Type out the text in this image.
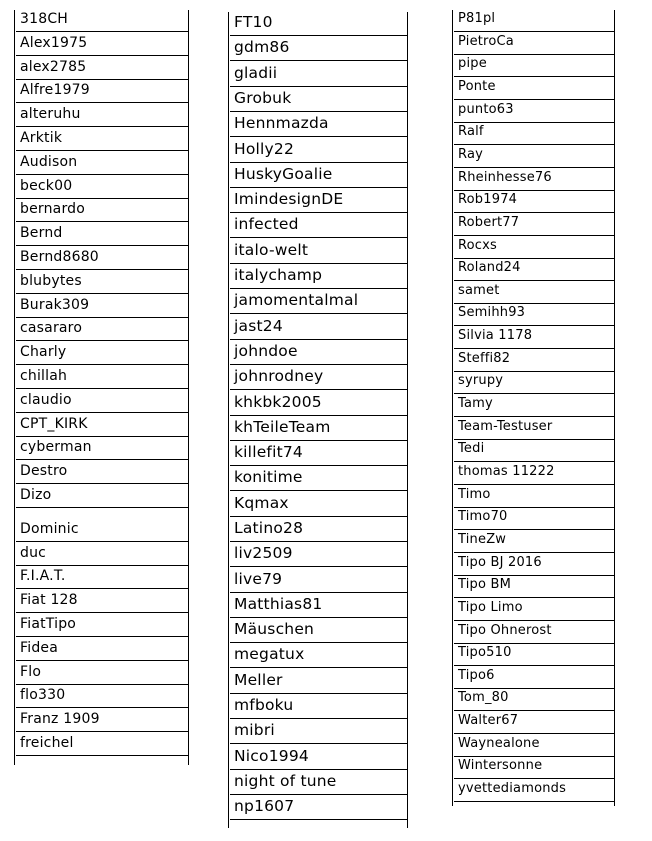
318CH
Alex1975
alex2785
Alfre1979
alteruhu
Arktik
Audison
beck00
bernardo
Bernd
Bernd8680
blubytes
Burak309
casararo
Charly
chillah
claudio
CPT_KIRK
cyberman
Destro
Dizo
Dominic
duc
F.I.A.T.
Fiat 128
FiatTipo
Fidea
Flo
flo330
Franz 1909
freichel
FT10
gdm86
gladii
Grobuk
Hennmazda
Holly22
HuskyGoalie
ImindesignDE
infected
italo-welt
italychamp
jamomentalmal
jast24
johndoe
johnrodney
khkbk2005
khTeileTeam
killefit74
konitime
Kqmax
Latino28
liv2509
live79
Matthias81
Mäuschen
megatux
Meller
mfboku
mibri
Nico1994
night of tune
np1607
P81pl
PietroCa
pipe
Ponte
punto63
Ralf
Ray
Rheinhesse76
Rob1974
Robert77
Rocxs
Roland24
samet
Semihh93
Silvia 1178
Steffi82
syrupy
Tamy
Team-Testuser
Tedi
thomas 11222
Timo
Timo70
TineZw
Tipo BJ 2016
Tipo BM
Tipo Limo
Tipo Ohnerost
Tipo510
Tipo6
Tom_80
Walter67
Waynealone
Wintersonne
yvettediamonds
